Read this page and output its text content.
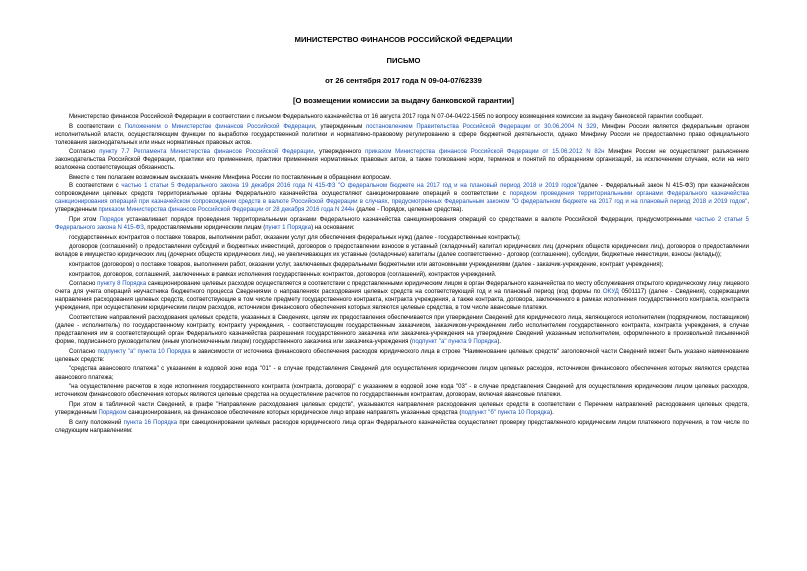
МИНИСТЕРСТВО ФИНАНСОВ РОССИЙСКОЙ ФЕДЕРАЦИИ
ПИСЬМО
от 26 сентября 2017 года N 09-04-07/62339
[О возмещении комиссии за выдачу банковской гарантии]

Министерство финансов Российской Федерации в соответствии с письмом Федерального казначейства от 16 августа 2017 года N 07-04-04/22-1565 по вопросу возмещения комиссии за выдачу банковской гарантии сообщает.

В соответствии с Положением о Министерстве финансов Российской Федерации, утвержденным постановлением Правительства Российской Федерации от 30.06.2004 N 329, Минфин России является федеральным органом исполнительной власти, осуществляющим функции по выработке государственной политики и нормативно-правовому регулированию в сфере бюджетной деятельности, однако Минфину России не предоставлено право официального толкования законодательных или иных нормативных правовых актов.

Согласно пункту 7.7 Регламента Министерства финансов Российской Федерации, утвержденного приказом Министерства финансов Российской Федерации от 15.06.2012 N 82н Минфин России не осуществляет разъяснение законодательства Российской Федерации, практики его применения, практики применения нормативных правовых актов, а также толкование норм, терминов и понятий по обращениям организаций, за исключением случаев, если на него возложена соответствующая обязанность.

Вместе с тем полагаем возможным высказать мнение Минфина России по поставленным в обращении вопросам.

В соответствии с частью 1 статьи 5 Федерального закона 19 декабря 2016 года N 415-ФЗ "О федеральном бюджете на 2017 год и на плановый период 2018 и 2019 годов"(далее - Федеральный закон N 415-ФЗ) при казначейском сопровождении целевых средств территориальные органы Федерального казначейства осуществляют санкционирование операций в соответствии с порядком проведения территориальными органами Федерального казначейства санкционирования операций при казначейском сопровождении средств в валюте Российской Федерации в случаях, предусмотренных Федеральным законом "О федеральном бюджете на 2017 год и на плановый период 2018 и 2019 годов", утвержденным приказом Министерства финансов Российской Федерации от 28 декабря 2016 года N 244н (далее - Порядок, целевые средства).

При этом Порядок устанавливает порядок проведения территориальными органами Федерального казначейства санкционирования операций со средствами в валюте Российской Федерации, предусмотренными частью 2 статьи 5 Федерального закона N 415-ФЗ, предоставляемыми юридическим лицам (пункт 1 Порядка) на основании:

государственных контрактов о поставке товаров, выполнении работ, оказании услуг для обеспечения федеральных нужд (далее - государственные контракты);

договоров (соглашений) о предоставлении субсидий и бюджетных инвестиций, договоров о предоставлении взносов в уставный (складочный) капитал юридических лиц (дочерних обществ юридических лиц), договоров о предоставлении вкладов в имущество юридических лиц (дочерних обществ юридических лиц), не увеличивающих их уставные (складочные) капиталы (далее соответственно - договор (соглашение), субсидии, бюджетные инвестиции, взносы (вклады));

контрактов (договоров) о поставке товаров, выполнении работ, оказании услуг, заключаемых федеральными бюджетными или автономными учреждениями (далее - заказчик-учреждение, контракт учреждения);

контрактов, договоров, соглашений, заключенных в рамках исполнения государственных контрактов, договоров (соглашений), контрактов учреждений.

Согласно пункту 8 Порядка санкционирование целевых расходов осуществляется в соответствии с представленными юридическим лицом в орган Федерального казначейства по месту обслуживания открытого юридическому лицу лицевого счета для учета операций неучастника бюджетного процесса Сведениями о направлениях расходования целевых средств на соответствующий год и на плановый период (код формы по ОКУД 0501117) (далее - Сведения), содержащими направления расходования целевых средств, соответствующие в том числе предмету государственного контракта, контракта учреждения, а также контракта, договора, заключенного в рамках исполнения государственного контракта, контракта учреждения, при осуществлении юридическим лицом расходов, источником финансового обеспечения которых являются целевые средства, в том числе авансовые платежи.

Соответствие направлений расходования целевых средств, указанных в Сведениях, целям их предоставления обеспечивается при утверждении Сведений для юридического лица, являющегося исполнителем (подрядчиком, поставщиком) (далее - исполнитель) по государственному контракту, контракту учреждения, - соответствующим государственным заказчиком, заказчиком-учреждением либо исполнителем государственного контракта, контракта учреждения, в случае представления им в соответствующий орган Федерального казначейства разрешения государственного заказчика или заказчика-учреждения на утверждение Сведений указанным исполнителем, оформленного в произвольной письменной форме, подписанного руководителем (иным уполномоченным лицом) государственного заказчика или заказчика-учреждения (подпункт "а" пункта 9 Порядка).

Согласно подпункту "а" пункта 10 Порядка в зависимости от источника финансового обеспечения расходов юридического лица в строке "Наименование целевых средств" заголовочной части Сведений может быть указано наименование целевых средств:

"средства авансового платежа" с указанием в кодовой зоне кода "01" - в случае представления Сведений для осуществления юридическим лицом целевых расходов, источником финансового обеспечения которых являются средства авансового платежа;

"на осуществление расчетов в ходе исполнения государственного контракта (контракта, договора)" с указанием в кодовой зоне кода "03" - в случае представления Сведений для осуществления юридическим лицом целевых расходов, источником финансового обеспечения которых являются целевые средства на осуществление расчетов по государственным контрактам, договорам, включая авансовые платежи.

При этом в табличной части Сведений, в графе "Направление расходования целевых средств", указываются направления расходования целевых средств в соответствии с Перечнем направлений расходования целевых средств, утвержденным Порядком санкционирования, на финансовое обеспечение которых юридическое лицо вправе направлять указанные средства (подпункт "б" пункта 10 Порядка).

В силу положений пункта 16 Порядка при санкционировании целевых расходов юридического лица орган Федерального казначейства осуществляет проверку представленного юридическим лицом платежного поручения, в том числе по следующим направлениям:
